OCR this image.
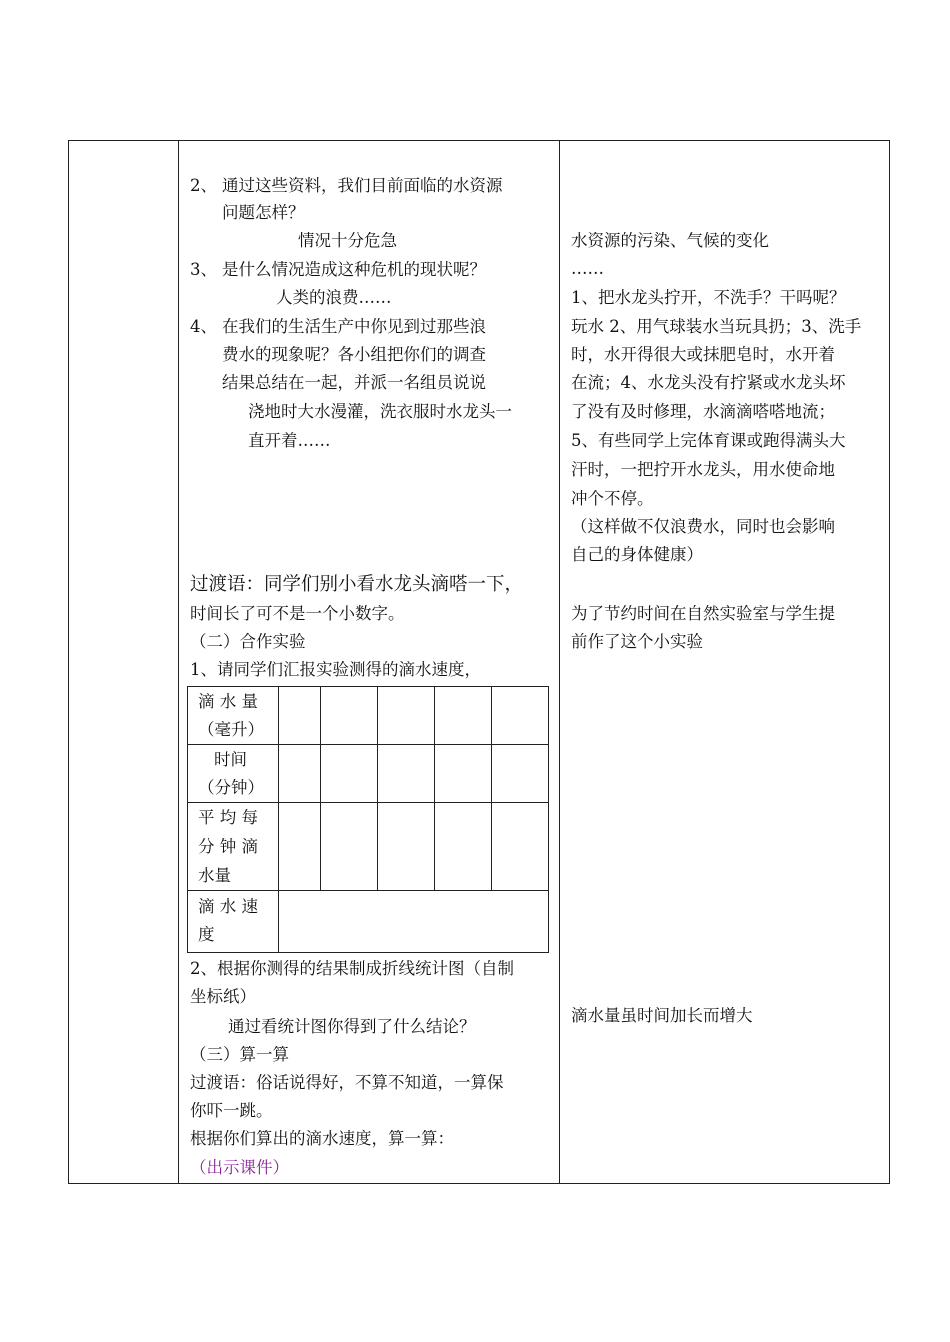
2、 通过这些资料，我们目前面临的水资源
问题怎样？
情况十分危急
3、 是什么情况造成这种危机的现状呢？
人类的浪费……
4、 在我们的生活生产中你见到过那些浪
费水的现象呢？各小组把你们的调查
结果总结在一起，并派一名组员说说
浇地时大水漫灌，洗衣服时水龙头一
直开着……
过渡语：同学们别小看水龙头滴嗒一下，
时间长了可不是一个小数字。
（二）合作实验
1、请同学们汇报实验测得的滴水速度，
滴 水 量
（毫升）
时间
（分钟）
平 均 每
分 钟 滴
水量
滴 水 速
度
2、根据你测得的结果制成折线统计图（自制
坐标纸）
通过看统计图你得到了什么结论？
（三）算一算
过渡语：俗话说得好，不算不知道，一算保
你吓一跳。
根据你们算出的滴水速度，算一算：
（出示课件）
水资源的污染、气候的变化
……
1、把水龙头拧开，不洗手？干吗呢？
玩水 2、用气球装水当玩具扔；3、洗手
时，水开得很大或抹肥皂时，水开着
在流；4、水龙头没有拧紧或水龙头坏
了没有及时修理，水滴滴嗒嗒地流；
5、有些同学上完体育课或跑得满头大
汗时，一把拧开水龙头，用水使命地
冲个不停。
（这样做不仅浪费水，同时也会影响
自己的身体健康）
为了节约时间在自然实验室与学生提
前作了这个小实验
滴水量虽时间加长而增大
